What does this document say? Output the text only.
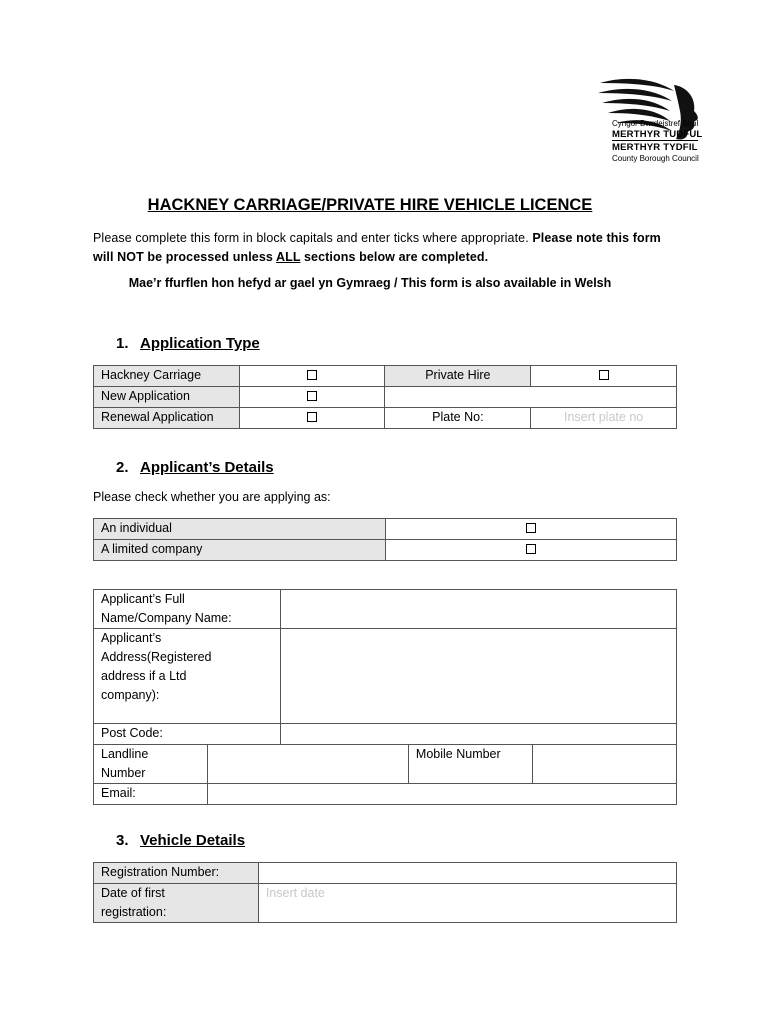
Cyngor Bwrdeistref Sirol
MERTHYR TUDFUL
MERTHYR TYDFIL
County Borough Council
HACKNEY CARRIAGE/PRIVATE HIRE VEHICLE LICENCE
Please complete this form in block capitals and enter ticks where appropriate. Please note this form will NOT be processed unless ALL sections below are completed.
Mae’r ffurflen hon hefyd ar gael yn Gymraeg / This form is also available in Welsh
1. Application Type
Hackney Carriage		Private Hire	
New Application			
Renewal Application		Plate No:	Insert plate no
2. Applicant’s Details
Please check whether you are applying as:
An individual	
A limited company	
Applicant’s Full
Name/Company Name:				

Applicant’s
Address(Registered
address if a Ltd
company):				

Post Code:				

Landline
Number			Mobile Number	
Email:				
3. Vehicle Details
Registration Number:	

Date of first
registration:	Insert date
